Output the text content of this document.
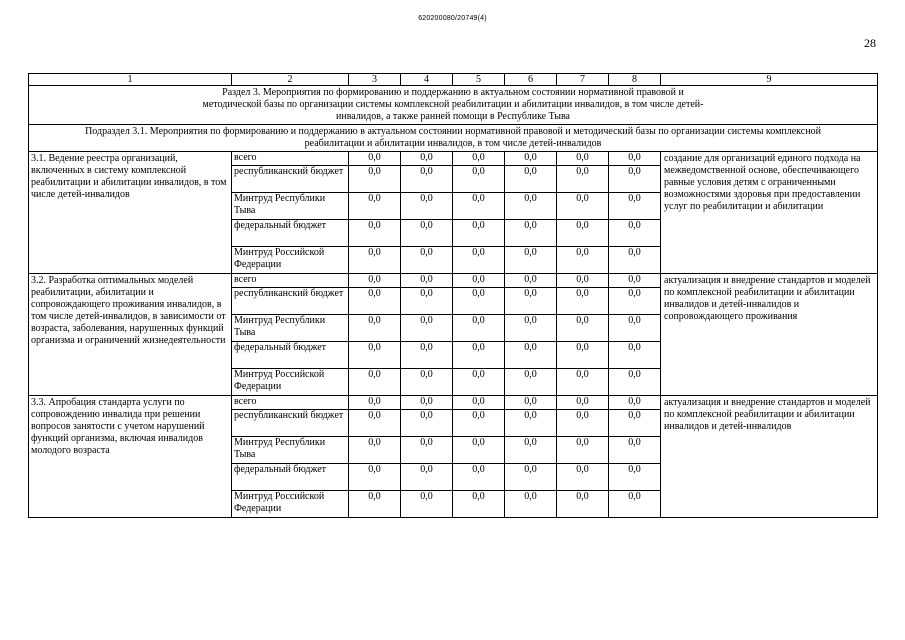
620200080/20749(4)
28
1	2	3	4	5	6	7	8	9
Раздел 3. Мероприятия по формированию и поддержанию в актуальном состоянии нормативной правовой и методической базы по организации системы комплексной реабилитации и абилитации инвалидов, в том числе детей-инвалидов, а также ранней помощи в Республике Тыва								
Подраздел 3.1. Мероприятия по формированию и поддержанию в актуальном состоянии нормативной правовой и методический базы по организации системы комплексной реабилитации и абилитации инвалидов, в том числе детей-инвалидов								
3.1. Ведение реестра организаций, включенных в систему комплексной реабилитации и абилитации инвалидов, в том числе детей-инвалидов	всего	0,0	0,0	0,0	0,0	0,0	0,0	создание для организаций единого подхода на межведомственной основе, обеспечивающего равные условия детям с ограниченными возможностями здоровья при предоставлении услуг по реабилитации и абилитации
	республиканский бюджет	0,0	0,0	0,0	0,0	0,0	0,0	
	Минтруд Республики Тыва	0,0	0,0	0,0	0,0	0,0	0,0	
	федеральный бюджет	0,0	0,0	0,0	0,0	0,0	0,0	
	Минтруд Российской Федерации	0,0	0,0	0,0	0,0	0,0	0,0	
3.2. Разработка оптимальных моделей реабилитации, абилитации и сопровождающего проживания инвалидов, в том числе детей-инвалидов, в зависимости от возраста, заболевания, нарушенных функций организма и ограничений жизнедеятельности	всего	0,0	0,0	0,0	0,0	0,0	0,0	актуализация и внедрение стандартов и моделей по комплексной реабилитации и абилитации инвалидов и детей-инвалидов и сопровождающего проживания
	республиканский бюджет	0,0	0,0	0,0	0,0	0,0	0,0	
	Минтруд Республики Тыва	0,0	0,0	0,0	0,0	0,0	0,0	
	федеральный бюджет	0,0	0,0	0,0	0,0	0,0	0,0	
	Минтруд Российской Федерации	0,0	0,0	0,0	0,0	0,0	0,0	
3.3. Апробация стандарта услуги по сопровождению инвалида при решении вопросов занятости с учетом нарушений функций организма, включая инвалидов молодого возраста	всего	0,0	0,0	0,0	0,0	0,0	0,0	актуализация и внедрение стандартов и моделей по комплексной реабилитации и абилитации инвалидов и детей-инвалидов
	республиканский бюджет	0,0	0,0	0,0	0,0	0,0	0,0	
	Минтруд Республики Тыва	0,0	0,0	0,0	0,0	0,0	0,0	
	федеральный бюджет	0,0	0,0	0,0	0,0	0,0	0,0	
	Минтруд Российской Федерации	0,0	0,0	0,0	0,0	0,0	0,0	
